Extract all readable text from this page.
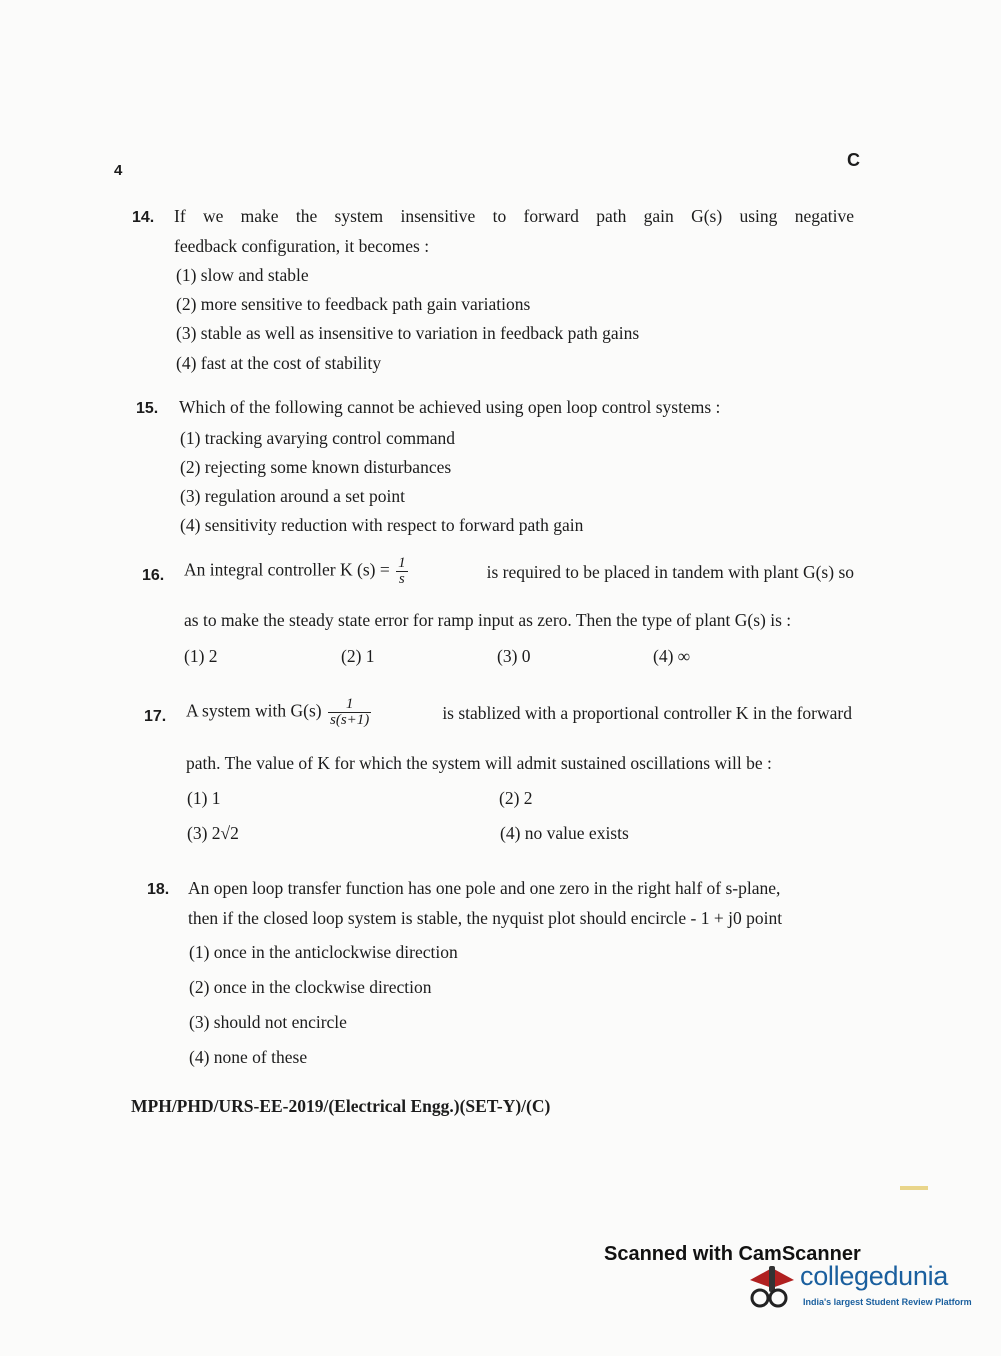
4
C
14. If we make the system insensitive to forward path gain G(s) using negative
feedback configuration, it becomes :
(1) slow and stable
(2) more sensitive to feedback path gain variations
(3) stable as well as insensitive to variation in feedback path gains
(4) fast at the cost of stability
15. Which of the following cannot be achieved using open loop control systems :
(1) tracking avarying control command
(2) rejecting some known disturbances
(3) regulation around a set point
(4) sensitivity reduction with respect to forward path gain
16. An integral controller K $(s) = \frac{1}{s}$	is required to be placed in tandem with plant G(s) so
as to make the steady state error for ramp input as zero. Then the type of plant G(s) is :
(1) 2	(2) 1	(3) 0	(4) ∞
17. A system with $G(s) \frac{1}{s(s+1)}$	is stablized with a proportional controller K in the forward
path. The value of K for which the system will admit sustained oscillations will be :
(1) 1	(2) 2
(3) 2√2	(4) no value exists
18. An open loop transfer function has one pole and one zero in the right half of s-plane,
then if the closed loop system is stable, the nyquist plot should encircle - 1 + j0 point
(1) once in the anticlockwise direction
(2) once in the clockwise direction
(3) should not encircle
(4) none of these
MPH/PHD/URS-EE-2019/(Electrical Engg.)(SET-Y)/(C)
Scanned with CamScanner
collegedunia
India's largest Student Review Platform
